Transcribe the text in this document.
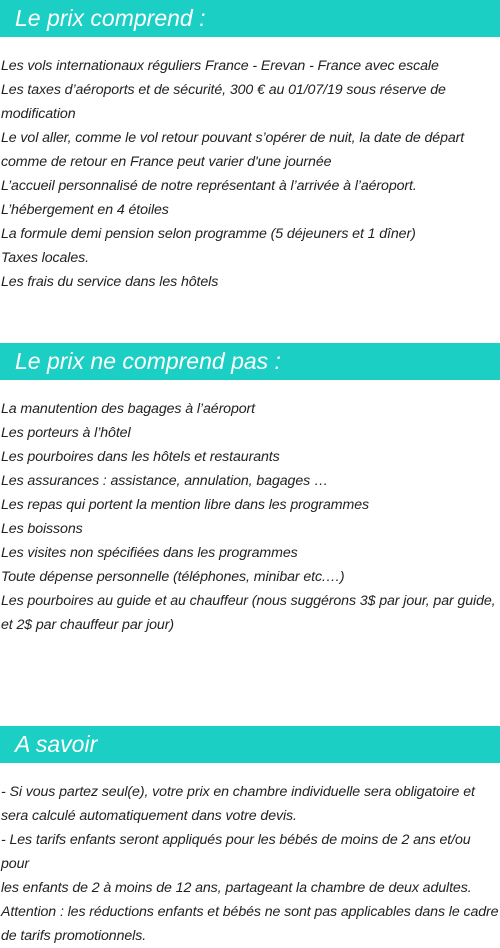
Le prix comprend :
Les vols internationaux réguliers France - Erevan - France avec escale
Les taxes d’aéroports et de sécurité, 300 € au 01/07/19 sous réserve de
modification
Le vol aller, comme le vol retour pouvant s’opérer de nuit, la date de départ
comme de retour en France peut varier d'une journée
L’accueil personnalisé de notre représentant à l’arrivée à l’aéroport.
L’hébergement en 4 étoiles
La formule demi pension selon programme (5 déjeuners et 1 dîner)
Taxes locales.
Les frais du service dans les hôtels
Le prix ne comprend pas :
La manutention des bagages à l’aéroport
Les porteurs à l’hôtel
Les pourboires dans les hôtels et restaurants
Les assurances : assistance, annulation, bagages …
Les repas qui portent la mention libre dans les programmes
Les boissons
Les visites non spécifiées dans les programmes
Toute dépense personnelle (téléphones, minibar etc.…)
Les pourboires au guide et au chauffeur (nous suggérons 3$ par jour, par guide,
et 2$ par chauffeur par jour)
A savoir
- Si vous partez seul(e), votre prix en chambre individuelle sera obligatoire et
sera calculé automatiquement dans votre devis.
- Les tarifs enfants seront appliqués pour les bébés de moins de 2 ans et/ou pour
les enfants de 2 à moins de 12 ans, partageant la chambre de deux adultes.
Attention : les réductions enfants et bébés ne sont pas applicables dans le cadre
de tarifs promotionnels.
